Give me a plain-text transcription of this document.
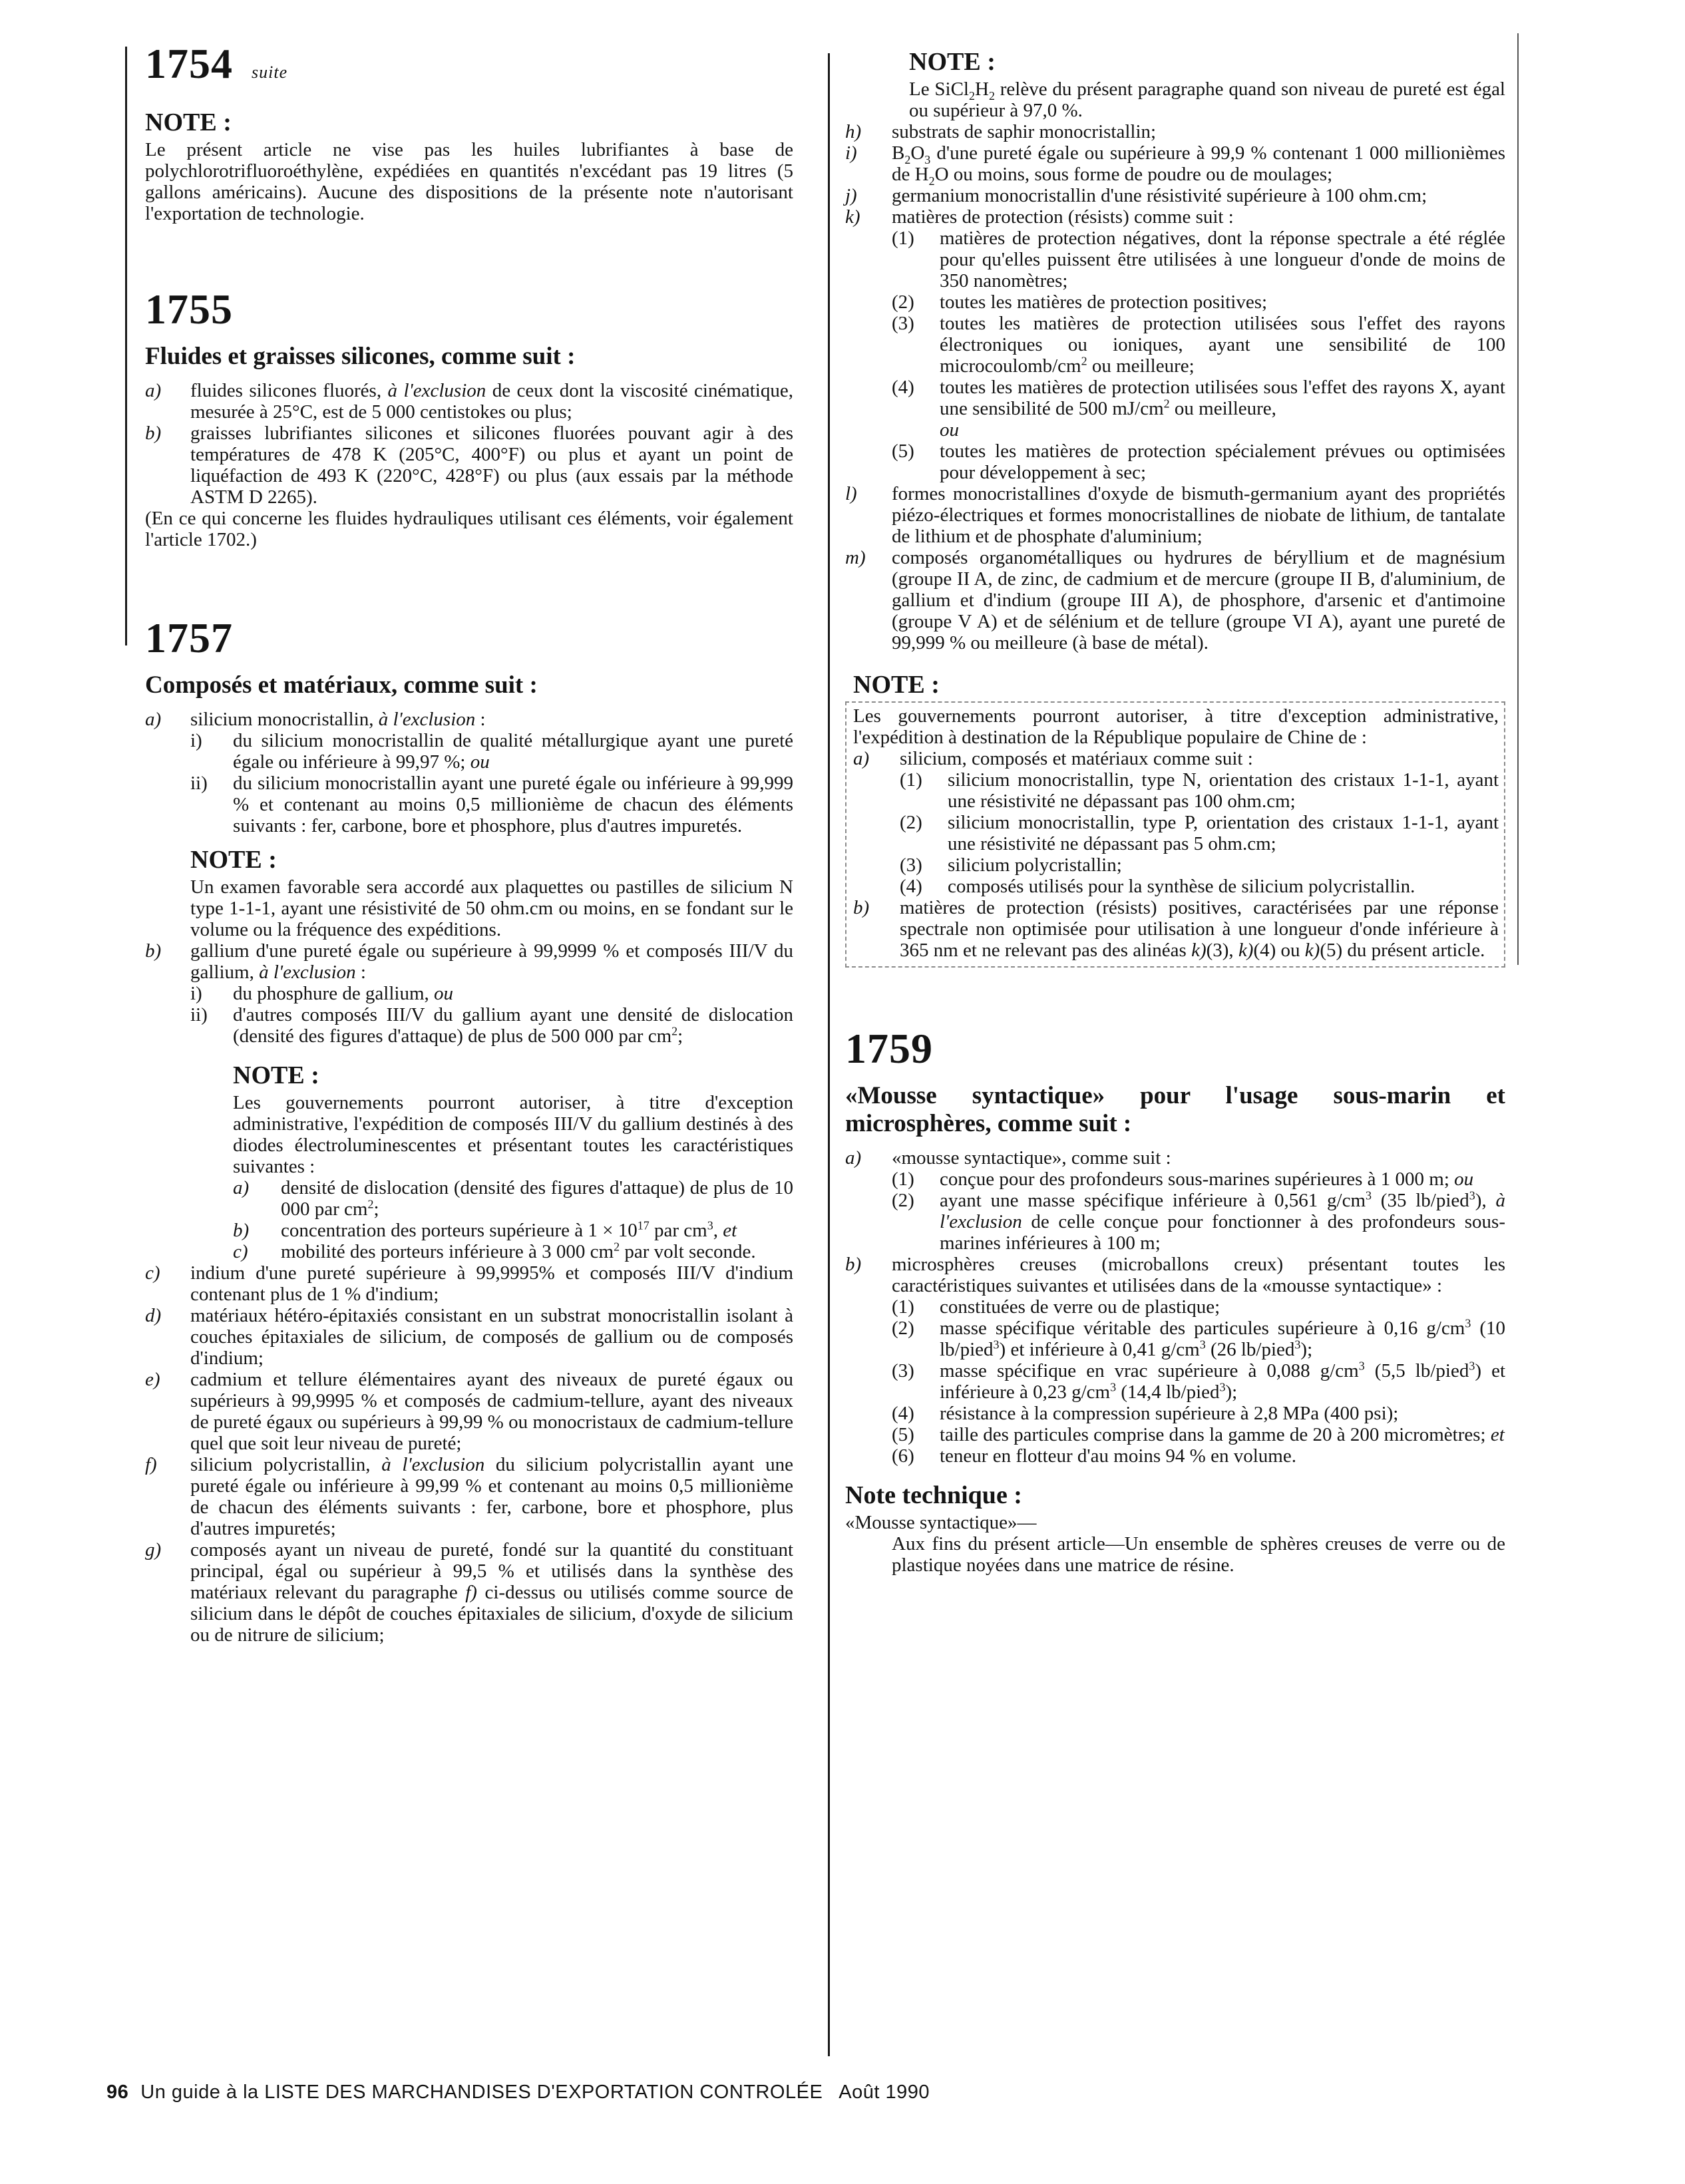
1754 suite

NOTE :

Le présent article ne vise pas les huiles lubrifiantes à base de polychlorotrifluoroéthylène, expédiées en quantités n'excédant pas 19 litres (5 gallons américains). Aucune des dispositions de la présente note n'autorisant l'exportation de technologie.

1755

Fluides et graisses silicones, comme suit :

a)	fluides silicones fluorés, à l'exclusion de ceux dont la viscosité cinématique, mesurée à 25°C, est de 5 000 centistokes ou plus;
b)	graisses lubrifiantes silicones et silicones fluorées pouvant agir à des températures de 478 K (205°C, 400°F) ou plus et ayant un point de liquéfaction de 493 K (220°C, 428°F) ou plus (aux essais par la méthode ASTM D 2265).

(En ce qui concerne les fluides hydrauliques utilisant ces éléments, voir également l'article 1702.)

1757

Composés et matériaux, comme suit :

a)	silicium monocristallin, à l'exclusion :
i)	du silicium monocristallin de qualité métallurgique ayant une pureté égale ou inférieure à 99,97 %; ou
ii)	du silicium monocristallin ayant une pureté égale ou inférieure à 99,999 % et contenant au moins 0,5 millionième de chacun des éléments suivants : fer, carbone, bore et phosphore, plus d'autres impuretés.

NOTE :

Un examen favorable sera accordé aux plaquettes ou pastilles de silicium N type 1-1-1, ayant une résistivité de 50 ohm.cm ou moins, en se fondant sur le volume ou la fréquence des expéditions.

b)	gallium d'une pureté égale ou supérieure à 99,9999 % et composés III/V du gallium, à l'exclusion :
i)	du phosphure de gallium, ou
ii)	d'autres composés III/V du gallium ayant une densité de dislocation (densité des figures d'attaque) de plus de 500 000 par $cm^2$;

NOTE :

Les gouvernements pourront autoriser, à titre d'exception administrative, l'expédition de composés III/V du gallium destinés à des diodes électroluminescentes et présentant toutes les caractéristiques suivantes :

a)	densité de dislocation (densité des figures d'attaque) de plus de 10 000 par $cm^2$;
b)	concentration des porteurs supérieure à $1 \times 10^{17}$ par $cm^3$, et
c)	mobilité des porteurs inférieure à 3 000 $cm^2$ par volt seconde.
c)	indium d'une pureté supérieure à 99,9995% et composés III/V d'indium contenant plus de 1 % d'indium;
d)	matériaux hétéro-épitaxiés consistant en un substrat monocristallin isolant à couches épitaxiales de silicium, de composés de gallium ou de composés d'indium;
e)	cadmium et tellure élémentaires ayant des niveaux de pureté égaux ou supérieurs à 99,9995 % et composés de cadmium-tellure, ayant des niveaux de pureté égaux ou supérieurs à 99,99 % ou monocristaux de cadmium-tellure quel que soit leur niveau de pureté;
f)	silicium polycristallin, à l'exclusion du silicium polycristallin ayant une pureté égale ou inférieure à 99,99 % et contenant au moins 0,5 millionième de chacun des éléments suivants : fer, carbone, bore et phosphore, plus d'autres impuretés;
g)	composés ayant un niveau de pureté, fondé sur la quantité du constituant principal, égal ou supérieur à 99,5 % et utilisés dans la synthèse des matériaux relevant du paragraphe f) ci-dessus ou utilisés comme source de silicium dans le dépôt de couches épitaxiales de silicium, d'oxyde de silicium ou de nitrure de silicium;

NOTE :

Le $SiCl_2H_2$ relève du présent paragraphe quand son niveau de pureté est égal ou supérieur à 97,0 %.

h)	substrats de saphir monocristallin;
i)	$B_2O_3$ d'une pureté égale ou supérieure à 99,9 % contenant 1 000 millionièmes de $H_2O$ ou moins, sous forme de poudre ou de moulages;
j)	germanium monocristallin d'une résistivité supérieure à 100 ohm.cm;
k)	matières de protection (résists) comme suit :
(1)	matières de protection négatives, dont la réponse spectrale a été réglée pour qu'elles puissent être utilisées à une longueur d'onde de moins de 350 nanomètres;
(2)	toutes les matières de protection positives;
(3)	toutes les matières de protection utilisées sous l'effet des rayons électroniques ou ioniques, ayant une sensibilité de 100 microcoulomb/$cm^2$ ou meilleure;
(4)	toutes les matières de protection utilisées sous l'effet des rayons X, ayant une sensibilité de 500 $mJ/cm^2$ ou meilleure,
ou
(5)	toutes les matières de protection spécialement prévues ou optimisées pour développement à sec;
l)	formes monocristallines d'oxyde de bismuth-germanium ayant des propriétés piézo-électriques et formes monocristallines de niobate de lithium, de tantalate de lithium et de phosphate d'aluminium;
m)	composés organométalliques ou hydrures de béryllium et de magnésium (groupe II A, de zinc, de cadmium et de mercure (groupe II B, d'aluminium, de gallium et d'indium (groupe III A), de phosphore, d'arsenic et d'antimoine (groupe V A) et de sélénium et de tellure (groupe VI A), ayant une pureté de 99,999 % ou meilleure (à base de métal).

NOTE :

Les gouvernements pourront autoriser, à titre d'exception administrative, l'expédition à destination de la République populaire de Chine de :

a)	silicium, composés et matériaux comme suit :
(1)	silicium monocristallin, type N, orientation des cristaux 1-1-1, ayant une résistivité ne dépassant pas 100 ohm.cm;
(2)	silicium monocristallin, type P, orientation des cristaux 1-1-1, ayant une résistivité ne dépassant pas 5 ohm.cm;
(3)	silicium polycristallin;
(4)	composés utilisés pour la synthèse de silicium polycristallin.
b)	matières de protection (résists) positives, caractérisées par une réponse spectrale non optimisée pour utilisation à une longueur d'onde inférieure à 365 nm et ne relevant pas des alinéas k)(3), k)(4) ou k)(5) du présent article.

1759

«Mousse syntactique» pour l'usage sous-marin et microsphères, comme suit :

a)	«mousse syntactique», comme suit :
(1)	conçue pour des profondeurs sous-marines supérieures à 1 000 m; ou
(2)	ayant une masse spécifique inférieure à 0,561 $g/cm^3$ (35 lb/pied$^3$), à l'exclusion de celle conçue pour fonctionner à des profondeurs sous-marines inférieures à 100 m;
b)	microsphères creuses (microballons creux) présentant toutes les caractéristiques suivantes et utilisées dans de la «mousse syntactique» :
(1)	constituées de verre ou de plastique;
(2)	masse spécifique véritable des particules supérieure à 0,16 $g/cm^3$ (10 lb/pied$^3$) et inférieure à 0,41 $g/cm^3$ (26 lb/pied$^3$);
(3)	masse spécifique en vrac supérieure à 0,088 $g/cm^3$ (5,5 lb/pied$^3$) et inférieure à 0,23 $g/cm^3$ (14,4 lb/pied$^3$);
(4)	résistance à la compression supérieure à 2,8 MPa (400 psi);
(5)	taille des particules comprise dans la gamme de 20 à 200 micromètres; et
(6)	teneur en flotteur d'au moins 94 % en volume.

Note technique :

«Mousse syntactique»—

Aux fins du présent article—Un ensemble de sphères creuses de verre ou de plastique noyées dans une matrice de résine.

96 Un guide à la LISTE DES MARCHANDISES D'EXPORTATION CONTROLÉE Août 1990
